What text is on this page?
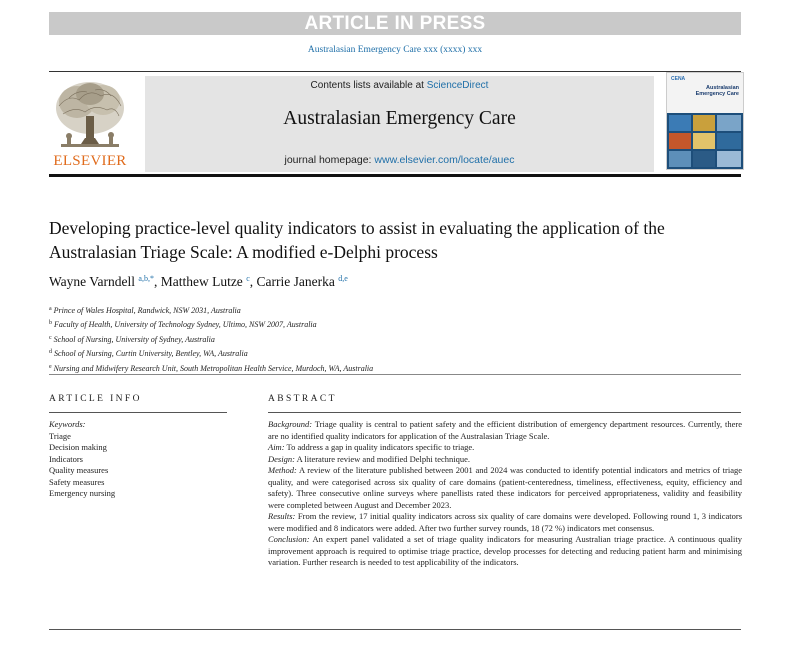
ARTICLE IN PRESS
Australasian Emergency Care xxx (xxxx) xxx
ELSEVIER
Contents lists available at ScienceDirect
Australasian Emergency Care
journal homepage: www.elsevier.com/locate/auec
CENA
Australasian
Emergency Care
Developing practice-level quality indicators to assist in evaluating the application of the Australasian Triage Scale: A modified e-Delphi process
Wayne Varndell $^{a,b,*}$, Matthew Lutze $^c$, Carrie Janerka $^{d,e}$
$^a$ Prince of Wales Hospital, Randwick, NSW 2031, Australia
$^b$ Faculty of Health, University of Technology Sydney, Ultimo, NSW 2007, Australia
$^c$ School of Nursing, University of Sydney, Australia
$^d$ School of Nursing, Curtin University, Bentley, WA, Australia
$^e$ Nursing and Midwifery Research Unit, South Metropolitan Health Service, Murdoch, WA, Australia
ARTICLE INFO
Keywords:
Triage
Decision making
Indicators
Quality measures
Safety measures
Emergency nursing
ABSTRACT

Background: Triage quality is central to patient safety and the efficient distribution of emergency department resources. Currently, there are no identified quality indicators for application of the Australasian Triage Scale.

Aim: To address a gap in quality indicators specific to triage.

Design: A literature review and modified Delphi technique.

Method: A review of the literature published between 2001 and 2024 was conducted to identify potential indicators and metrics of triage quality, and were categorised across six quality of care domains (patient-centeredness, timeliness, effectiveness, equity, efficiency and safety). Three consecutive online surveys where panellists rated these indicators for perceived appropriateness, validity and feasibility were completed between August and December 2023.

Results: From the review, 17 initial quality indicators across six quality of care domains were developed. Following round 1, 3 indicators were modified and 8 indicators were added. After two further survey rounds, 18 (72 %) indicators met consensus.

Conclusion: An expert panel validated a set of triage quality indicators for measuring Australian triage practice. A continuous quality improvement approach is required to optimise triage practice, develop processes for detecting and reducing patient harm and minimising variation. Further research is needed to test applicability of the indicators.
